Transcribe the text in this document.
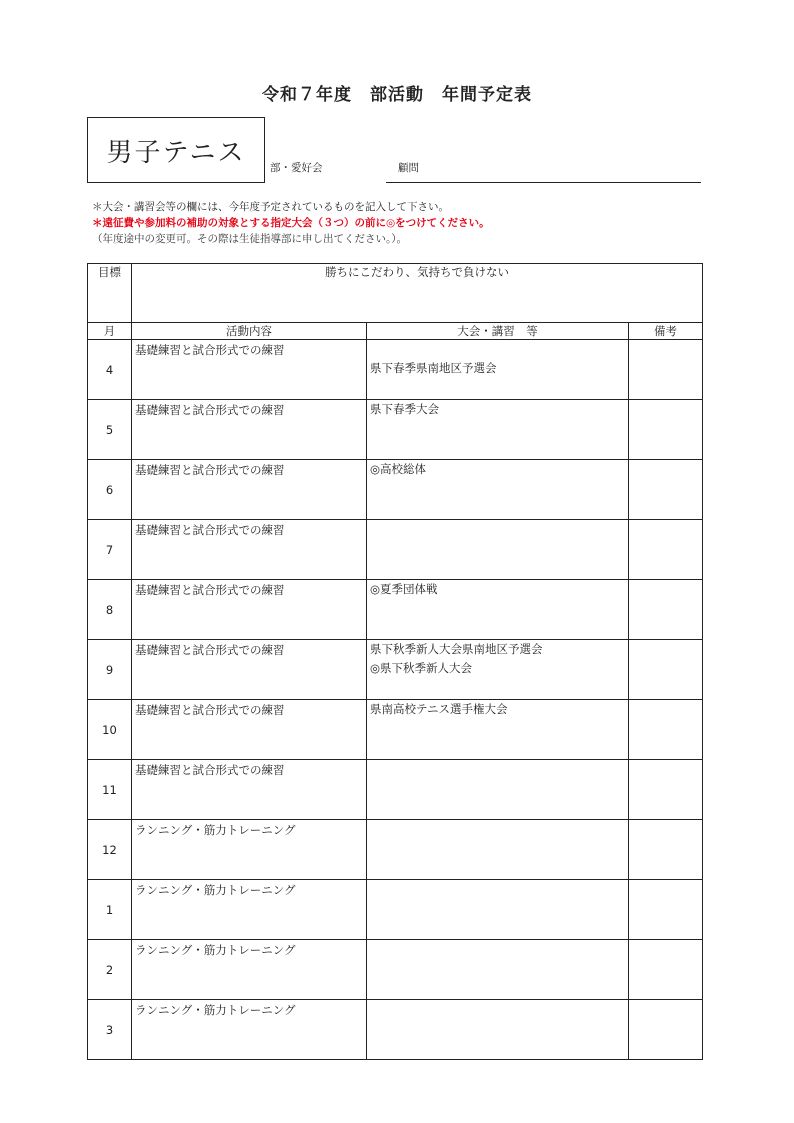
令和７年度　部活動　年間予定表
男子テニス
部・愛好会	顧問
＊大会・講習会等の欄には、今年度予定されているものを記入して下さい。
＊遠征費や参加料の補助の対象とする指定大会（３つ）の前に◎をつけてください。
（年度途中の変更可。その際は生徒指導部に申し出てください。）。
目標	勝ちにこだわり、気持ちで負けない		
月	活動内容	大会・講習　等	備考
4	基礎練習と試合形式での練習	県下春季県南地区予選会	

5	基礎練習と試合形式での練習	県下春季大会	

6	基礎練習と試合形式での練習	◎高校総体	

7	基礎練習と試合形式での練習	

8	基礎練習と試合形式での練習	◎夏季団体戦	

9	基礎練習と試合形式での練習	県下秋季新人大会県南地区予選会
◎県下秋季新人大会	

10	基礎練習と試合形式での練習	県南高校テニス選手権大会	

11	基礎練習と試合形式での練習	

12	ランニング・筋力トレーニング	

1	ランニング・筋力トレーニング	

2	ランニング・筋力トレーニング	

3	ランニング・筋力トレーニング	
